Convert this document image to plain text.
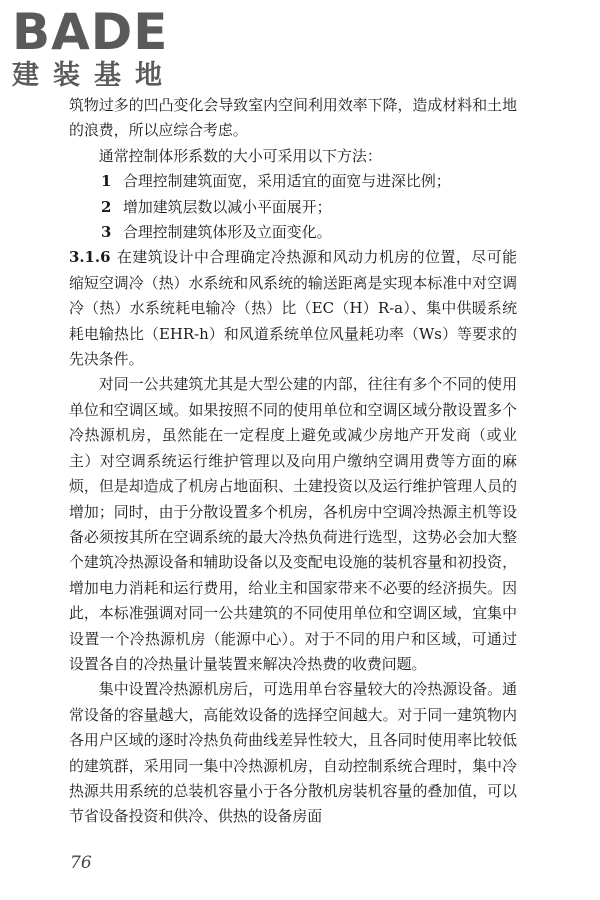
BADE
建装基地

筑物过多的凹凸变化会导致室内空间利用效率下降，造成材料和土地的浪费，所以应综合考虑。

通常控制体形系数的大小可采用以下方法：

1 合理控制建筑面宽，采用适宜的面宽与进深比例；

2 增加建筑层数以减小平面展开；

3 合理控制建筑体形及立面变化。

3.1.6 在建筑设计中合理确定冷热源和风动力机房的位置，尽可能缩短空调冷（热）水系统和风系统的输送距离是实现本标准中对空调冷（热）水系统耗电输冷（热）比（EC（H）R-a）、集中供暖系统耗电输热比（EHR-h）和风道系统单位风量耗功率（Ws）等要求的先决条件。

对同一公共建筑尤其是大型公建的内部，往往有多个不同的使用单位和空调区域。如果按照不同的使用单位和空调区域分散设置多个冷热源机房，虽然能在一定程度上避免或减少房地产开发商（或业主）对空调系统运行维护管理以及向用户缴纳空调用费等方面的麻烦，但是却造成了机房占地面积、土建投资以及运行维护管理人员的增加；同时，由于分散设置多个机房，各机房中空调冷热源主机等设备必须按其所在空调系统的最大冷热负荷进行选型，这势必会加大整个建筑冷热源设备和辅助设备以及变配电设施的装机容量和初投资，增加电力消耗和运行费用，给业主和国家带来不必要的经济损失。因此，本标准强调对同一公共建筑的不同使用单位和空调区域，宜集中设置一个冷热源机房（能源中心）。对于不同的用户和区域，可通过设置各自的冷热量计量装置来解决冷热费的收费问题。

集中设置冷热源机房后，可选用单台容量较大的冷热源设备。通常设备的容量越大，高能效设备的选择空间越大。对于同一建筑物内各用户区域的逐时冷热负荷曲线差异性较大，且各同时使用率比较低的建筑群，采用同一集中冷热源机房，自动控制系统合理时，集中冷热源共用系统的总装机容量小于各分散机房装机容量的叠加值，可以节省设备投资和供冷、供热的设备房面

76
